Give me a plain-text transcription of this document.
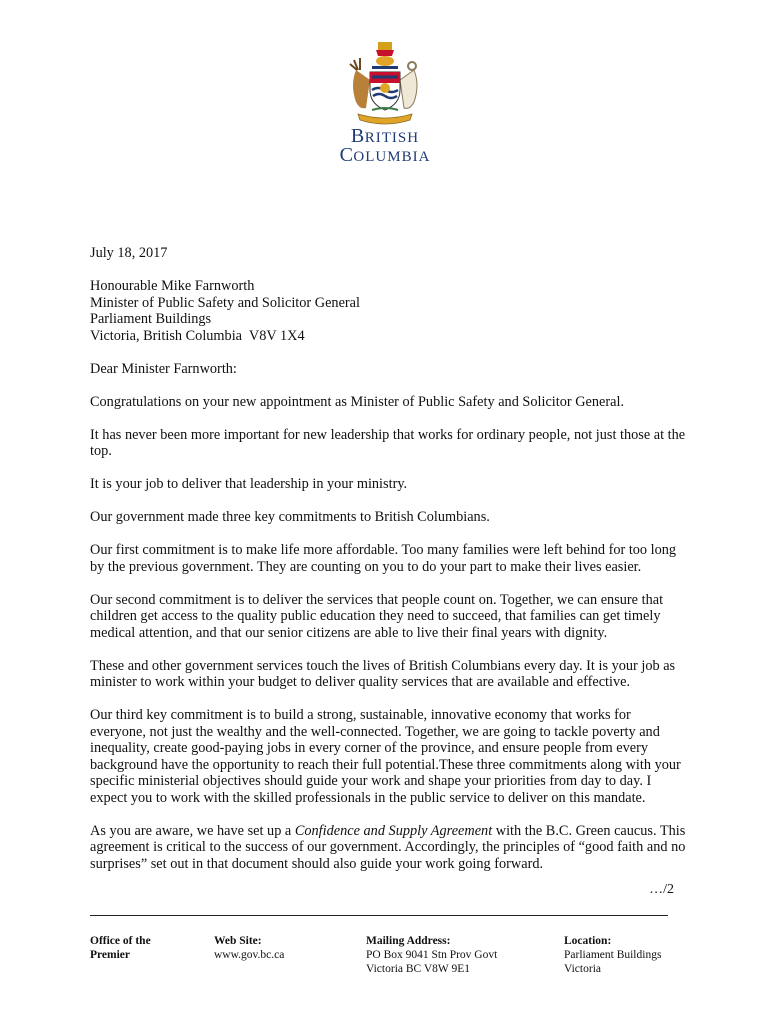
BRITISH
COLUMBIA
July 18, 2017
Honourable Mike Farnworth
Minister of Public Safety and Solicitor General
Parliament Buildings
Victoria, British Columbia  V8V 1X4

Dear Minister Farnworth:

Congratulations on your new appointment as Minister of Public Safety and Solicitor General.

It has never been more important for new leadership that works for ordinary people, not just those at the top.

It is your job to deliver that leadership in your ministry.

Our government made three key commitments to British Columbians.

Our first commitment is to make life more affordable. Too many families were left behind for too long by the previous government. They are counting on you to do your part to make their lives easier.

Our second commitment is to deliver the services that people count on. Together, we can ensure that children get access to the quality public education they need to succeed, that families can get timely medical attention, and that our senior citizens are able to live their final years with dignity.

These and other government services touch the lives of British Columbians every day. It is your job as minister to work within your budget to deliver quality services that are available and effective.

Our third key commitment is to build a strong, sustainable, innovative economy that works for everyone, not just the wealthy and the well-connected. Together, we are going to tackle poverty and inequality, create good-paying jobs in every corner of the province, and ensure people from every background have the opportunity to reach their full potential.These three commitments along with your specific ministerial objectives should guide your work and shape your priorities from day to day. I expect you to work with the skilled professionals in the public service to deliver on this mandate.

As you are aware, we have set up a Confidence and Supply Agreement with the B.C. Green caucus. This agreement is critical to the success of our government. Accordingly, the principles of “good faith and no surprises” set out in that document should also guide your work going forward.

…/2
Office of the
Premier
Web Site:
www.gov.bc.ca
Mailing Address:
PO Box 9041 Stn Prov Govt
Victoria BC V8W 9E1
Location:
Parliament Buildings
Victoria
